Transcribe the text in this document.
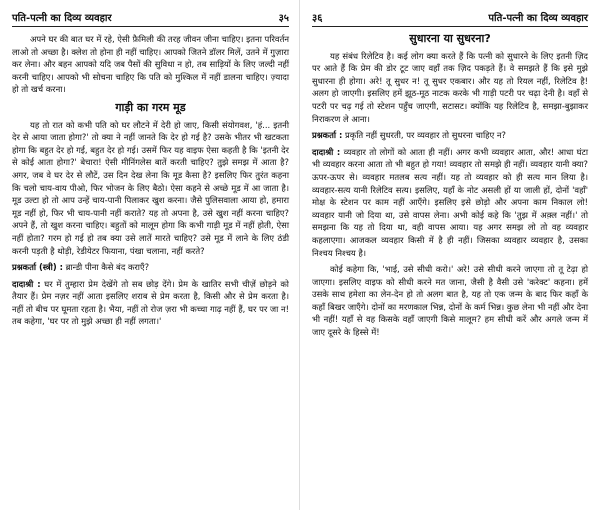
पति-पत्नी का दिव्य व्यवहार	३५

अपने घर की बात घर में रहे, ऐसी फ़ैमिली की तरह जीवन जीना चाहिए। इतना परिवर्तन लाओ तो अच्छा है। क्लेश तो होना ही नहीं चाहिए। आपको जितने डॉलर मिलें, उतने में गुज़ारा कर लेना। और बहन आपको यदि जब पैसों की सुविधा न हो, तब साड़ियों के लिए जल्दी नहीं करनी चाहिए। आपको भी सोचना चाहिए कि पति को मुश्किल में नहीं डालना चाहिए। ज़्यादा हो तो खर्च करना।

गाड़ी का गरम मूड

यह तो रात को कभी पति को घर लौटने में देरी हो जाए, किसी संयोगवश, 'हं... इतनी देर से आया जाता होगा?' तो क्या ने नहीं जानते कि देर हो गई है? उसके भीतर भी खटकता होगा कि बहुत देर हो गई, बहुत देर हो गई। उसमें फिर यह वाइफ ऐसा कहती है कि 'इतनी देर से कोई आता होगा?' बेचारा! ऐसी मीनिंगलेस बातें करती चाहिए? तुझे समझ में आता है? अगर, जब वे घर देर से लौटें, उस दिन देख लेना कि मूड कैसा है? इसलिए फिर तुरंत कहना कि चलो चाय-वाय पीओ, फिर भोजन के लिए बैठो। ऐसा कहने से अच्छे मूड में आ जाता है। मूड उल्टा हो तो आप उन्हें चाय-पानी पिलाकर खुश करना। जैसे पुलिसवाला आया हो, हमारा मूड नहीं हो, फिर भी चाय-पानी नहीं कराते? यह तो अपना है, उसे खुश नहीं करना चाहिए? अपने हैं, तो खुश करना चाहिए। बहुतों को मालूम होगा कि कभी गाड़ी मूड में नहीं होती, ऐसा नहीं होता? गरम हो गई हो तब क्या उसे लातें मारते चाहिए? उसे मूड में लाने के लिए ठंडी करनी पड़ती है थोड़ी, रेडीयेटर फियाना, पंखा चलाना, नहीं करते?

प्रश्नकर्ता (स्त्री) : ब्रान्डी पीना कैसे बंद कराएँ?

दादाश्री : घर में तुम्हारा प्रेम देखेंगे तो सब छोड़ देंगे। प्रेम के खातिर सभी चीज़ें छोड़ने को तैयार हैं। प्रेम नज़र नहीं आता इसलिए शराब से प्रेम करता है, किसी और से प्रेम करता है। नहीं तो बीच पर घूमता रहता है। भैया, नहीं तो रोज ज़रा भी कच्चा गाढ़ नहीं हैं, घर पर जा न! तब कहेगा, 'घर पर तो मुझे अच्छा ही नहीं लगता।'

३६	पति-पत्नी का दिव्य व्यवहार

सुधारना या सुधरना?

यह संबंध रिलेटिव है। कई लोग क्या करते हैं कि पत्नी को सुधारने के लिए इतनी ज़िद पर आते हैं कि प्रेम की डोर टूट जाए वहाँ तक ज़िद पकड़ते हैं। वे समझते हैं कि इसे मुझे सुधारना ही होगा। अरे! तू सुधर न! तू सुधर एकबार। और यह तो रियल नहीं, रिलेटिव है! अलग हो जाएगी। इसलिए हमें झूठ-मूठ नाटक करके भी गाड़ी पटरी पर चढ़ा देनी है। वहाँ से पटरी पर चढ़ गई तो स्टेशन पहुँच जाएगी, सटासट। क्योंकि यह रिलेटिव है, समझा-बुझाकर निराकरण ले आना।

प्रश्नकर्ता : प्रकृति नहीं सुधरती, पर व्यवहार तो सुधरना चाहिए न?

दादाश्री : व्यवहार तो लोगों को आता ही नहीं। अगर कभी व्यवहार आता, और! आधा घंटा भी व्यवहार करना आता तो भी बहुत हो गया! व्यवहार तो समझे ही नहीं। व्यवहार यानी क्या? ऊपर-ऊपर से। व्यवहार मतलब सत्य नहीं। यह तो व्यवहार को ही सत्य मान लिया है। व्यवहार-सत्य यानी रिलेटिव सत्य। इसलिए, यहाँ के नोट असली हों या जाली हों, दोनों 'वहाँ' मोक्ष के स्टेशन पर काम नहीं आएँगे। इसलिए इसे छोड़ो और अपना काम निकाल लो! व्यवहार यानी जो दिया था, उसे वापस लेना। अभी कोई कहे कि 'तुझ में अक़्ल नहीं।' तो समझना कि यह तो दिया था, वही वापस आया। यह अगर समझ लो तो वह व्यवहार कहलाएगा। आजकल व्यवहार किसी में है ही नहीं। जिसका व्यवहार व्यवहार है, उसका निश्चय निश्चय है।

कोई कहेगा कि, 'भाई, उसे सीधी करो।' अरे! उसे सीधी करने जाएगा तो तू टेढ़ा हो जाएगा। इसलिए वाइफ को सीधी करने मत जाना, जैसी है वैसी उसे 'करेक्ट' कहना। हमें उसके साथ हमेशा का लेन-देन हो तो अलग बात है, यह तो एक जन्म के बाद फिर कहाँ के कहाँ बिखर जाएँगे। दोनों का मरणकाल भिन्न, दोनों के कर्म भिन्न। कुछ लेना भी नहीं और देना भी नहीं! यहाँ से वह किसके वहाँ जाएगी किसे मालूम? हम सीधी करें और अगले जन्म में जाए दूसरे के हिस्से में!
